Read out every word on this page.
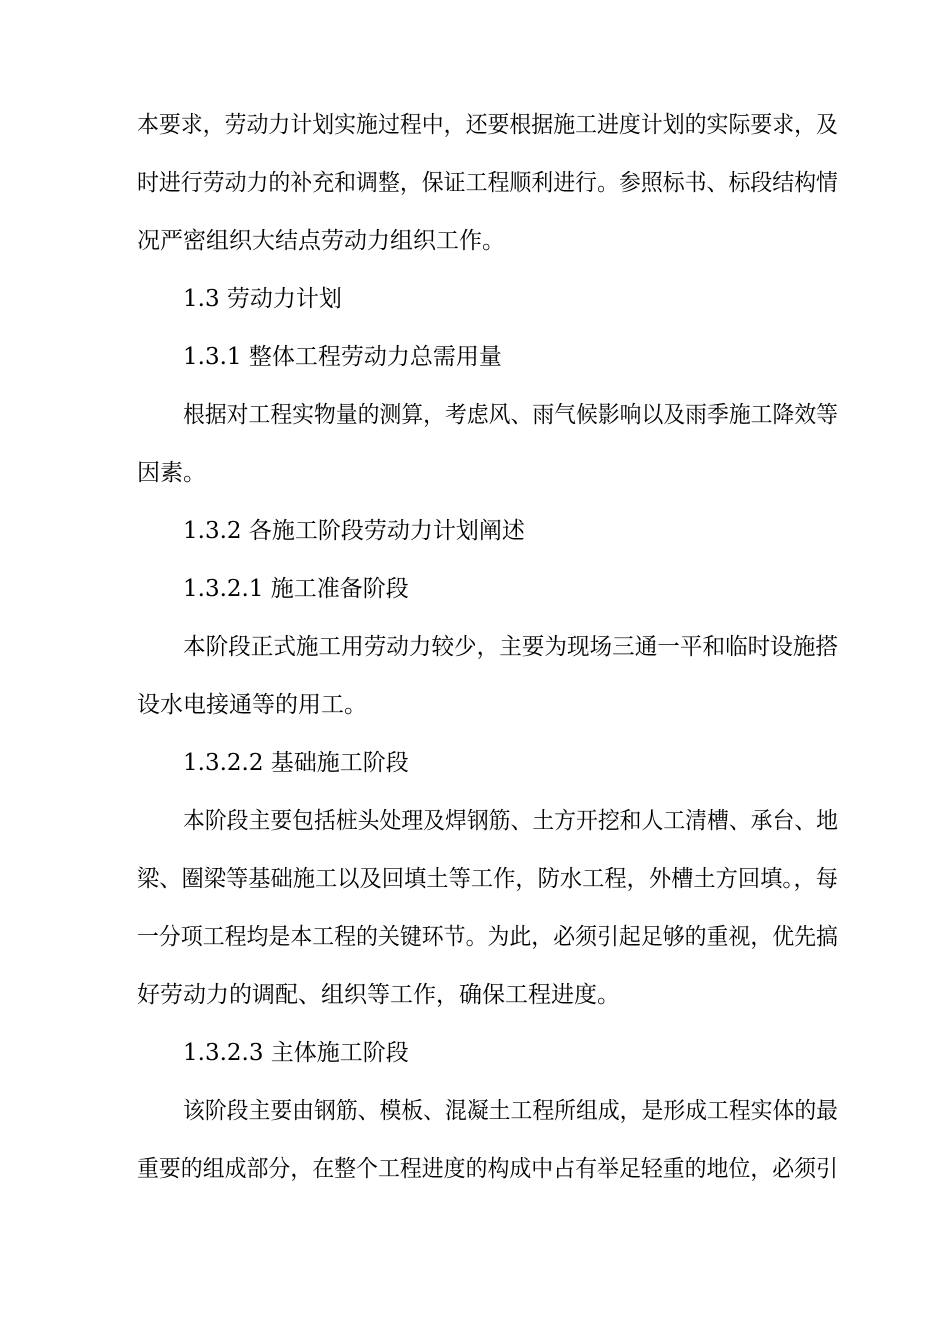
本要求，劳动力计划实施过程中，还要根据施工进度计划的实际要求，及
时进行劳动力的补充和调整，保证工程顺利进行。参照标书、标段结构情
况严密组织大结点劳动力组织工作。
1.3 劳动力计划
1.3.1 整体工程劳动力总需用量
根据对工程实物量的测算，考虑风、雨气候影响以及雨季施工降效等
因素。
1.3.2 各施工阶段劳动力计划阐述
1.3.2.1 施工准备阶段
本阶段正式施工用劳动力较少，主要为现场三通一平和临时设施搭
设水电接通等的用工。
1.3.2.2 基础施工阶段
本阶段主要包括桩头处理及焊钢筋、土方开挖和人工清槽、承台、地
梁、圈梁等基础施工以及回填土等工作，防水工程，外槽土方回填。，每
一分项工程均是本工程的关键环节。为此，必须引起足够的重视，优先搞
好劳动力的调配、组织等工作，确保工程进度。
1.3.2.3 主体施工阶段
该阶段主要由钢筋、模板、混凝土工程所组成，是形成工程实体的最
重要的组成部分，在整个工程进度的构成中占有举足轻重的地位，必须引
